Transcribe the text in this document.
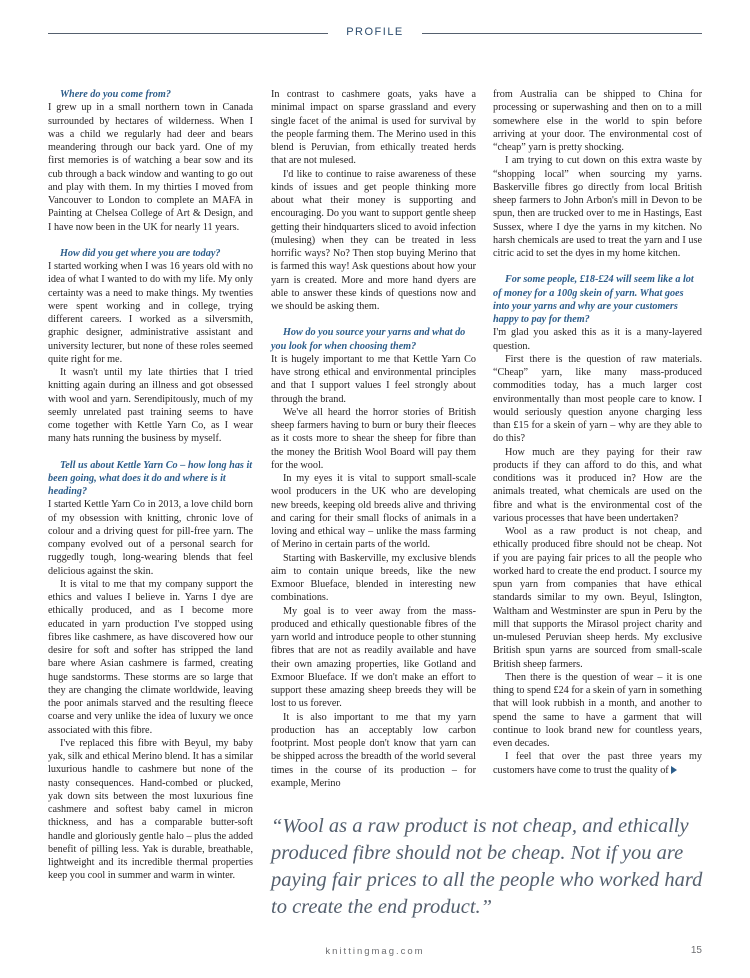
PROFILE

Where do you come from?

I grew up in a small northern town in Canada surrounded by hectares of wilderness. When I was a child we regularly had deer and bears meandering through our back yard. One of my first memories is of watching a bear sow and its cub through a back window and wanting to go out and play with them. In my thirties I moved from Vancouver to London to complete an MAFA in Painting at Chelsea College of Art & Design, and I have now been in the UK for nearly 11 years.

How did you get where you are today?

I started working when I was 16 years old with no idea of what I wanted to do with my life. My only certainty was a need to make things. My twenties were spent working and in college, trying different careers. I worked as a silversmith, graphic designer, administrative assistant and university lecturer, but none of these roles seemed quite right for me.

It wasn't until my late thirties that I tried knitting again during an illness and got obsessed with wool and yarn. Serendipitously, much of my seemly unrelated past training seems to have come together with Kettle Yarn Co, as I wear many hats running the business by myself.

Tell us about Kettle Yarn Co – how long has it been going, what does it do and where is it heading?

I started Kettle Yarn Co in 2013, a love child born of my obsession with knitting, chronic love of colour and a driving quest for pill-free yarn. The company evolved out of a personal search for ruggedly tough, long-wearing blends that feel delicious against the skin.

It is vital to me that my company support the ethics and values I believe in. Yarns I dye are ethically produced, and as I become more educated in yarn production I've stopped using fibres like cashmere, as have discovered how our desire for soft and softer has stripped the land bare where Asian cashmere is farmed, creating huge sandstorms. These storms are so large that they are changing the climate worldwide, leaving the poor animals starved and the resulting fleece coarse and very unlike the idea of luxury we once associated with this fibre.

I've replaced this fibre with Beyul, my baby yak, silk and ethical Merino blend. It has a similar luxurious handle to cashmere but none of the nasty consequences. Hand-combed or plucked, yak down sits between the most luxurious fine cashmere and softest baby camel in micron thickness, and has a comparable butter-soft handle and gloriously gentle halo – plus the added benefit of pilling less. Yak is durable, breathable, lightweight and its incredible thermal properties keep you cool in summer and warm in winter.

In contrast to cashmere goats, yaks have a minimal impact on sparse grassland and every single facet of the animal is used for survival by the people farming them. The Merino used in this blend is Peruvian, from ethically treated herds that are not mulesed.

I'd like to continue to raise awareness of these kinds of issues and get people thinking more about what their money is supporting and encouraging. Do you want to support gentle sheep getting their hindquarters sliced to avoid infection (mulesing) when they can be treated in less horrific ways? No? Then stop buying Merino that is farmed this way! Ask questions about how your yarn is created. More and more hand dyers are able to answer these kinds of questions now and we should be asking them.

How do you source your yarns and what do you look for when choosing them?

It is hugely important to me that Kettle Yarn Co have strong ethical and environmental principles and that I support values I feel strongly about through the brand.

We've all heard the horror stories of British sheep farmers having to burn or bury their fleeces as it costs more to shear the sheep for fibre than the money the British Wool Board will pay them for the wool.

In my eyes it is vital to support small-scale wool producers in the UK who are developing new breeds, keeping old breeds alive and thriving and caring for their small flocks of animals in a loving and ethical way – unlike the mass farming of Merino in certain parts of the world.

Starting with Baskerville, my exclusive blends aim to contain unique breeds, like the new Exmoor Blueface, blended in interesting new combinations.

My goal is to veer away from the mass-produced and ethically questionable fibres of the yarn world and introduce people to other stunning fibres that are not as readily available and have their own amazing properties, like Gotland and Exmoor Blueface. If we don't make an effort to support these amazing sheep breeds they will be lost to us forever.

It is also important to me that my yarn production has an acceptably low carbon footprint. Most people don't know that yarn can be shipped across the breadth of the world several times in the course of its production – for example, Merino

from Australia can be shipped to China for processing or superwashing and then on to a mill somewhere else in the world to spin before arriving at your door. The environmental cost of “cheap” yarn is pretty shocking.

I am trying to cut down on this extra waste by “shopping local” when sourcing my yarns. Baskerville fibres go directly from local British sheep farmers to John Arbon's mill in Devon to be spun, then are trucked over to me in Hastings, East Sussex, where I dye the yarns in my kitchen. No harsh chemicals are used to treat the yarn and I use citric acid to set the dyes in my home kitchen.

For some people, £18-£24 will seem like a lot of money for a 100g skein of yarn. What goes into your yarns and why are your customers happy to pay for them?

I'm glad you asked this as it is a many-layered question.

First there is the question of raw materials. “Cheap” yarn, like many mass-produced commodities today, has a much larger cost environmentally than most people care to know. I would seriously question anyone charging less than £15 for a skein of yarn – why are they able to do this?

How much are they paying for their raw products if they can afford to do this, and what conditions was it produced in? How are the animals treated, what chemicals are used on the fibre and what is the environmental cost of the various processes that have been undertaken?

Wool as a raw product is not cheap, and ethically produced fibre should not be cheap. Not if you are paying fair prices to all the people who worked hard to create the end product. I source my spun yarn from companies that have ethical standards similar to my own. Beyul, Islington, Waltham and Westminster are spun in Peru by the mill that supports the Mirasol project charity and un-mulesed Peruvian sheep herds. My exclusive British spun yarns are sourced from small-scale British sheep farmers.

Then there is the question of wear – it is one thing to spend £24 for a skein of yarn in something that will look rubbish in a month, and another to spend the same to have a garment that will continue to look brand new for countless years, even decades.

I feel that over the past three years my customers have come to trust the quality of

“Wool as a raw product is not cheap, and ethically produced fibre should not be cheap. Not if you are paying fair prices to all the people who worked hard to create the end product.”
knittingmag.com	15
